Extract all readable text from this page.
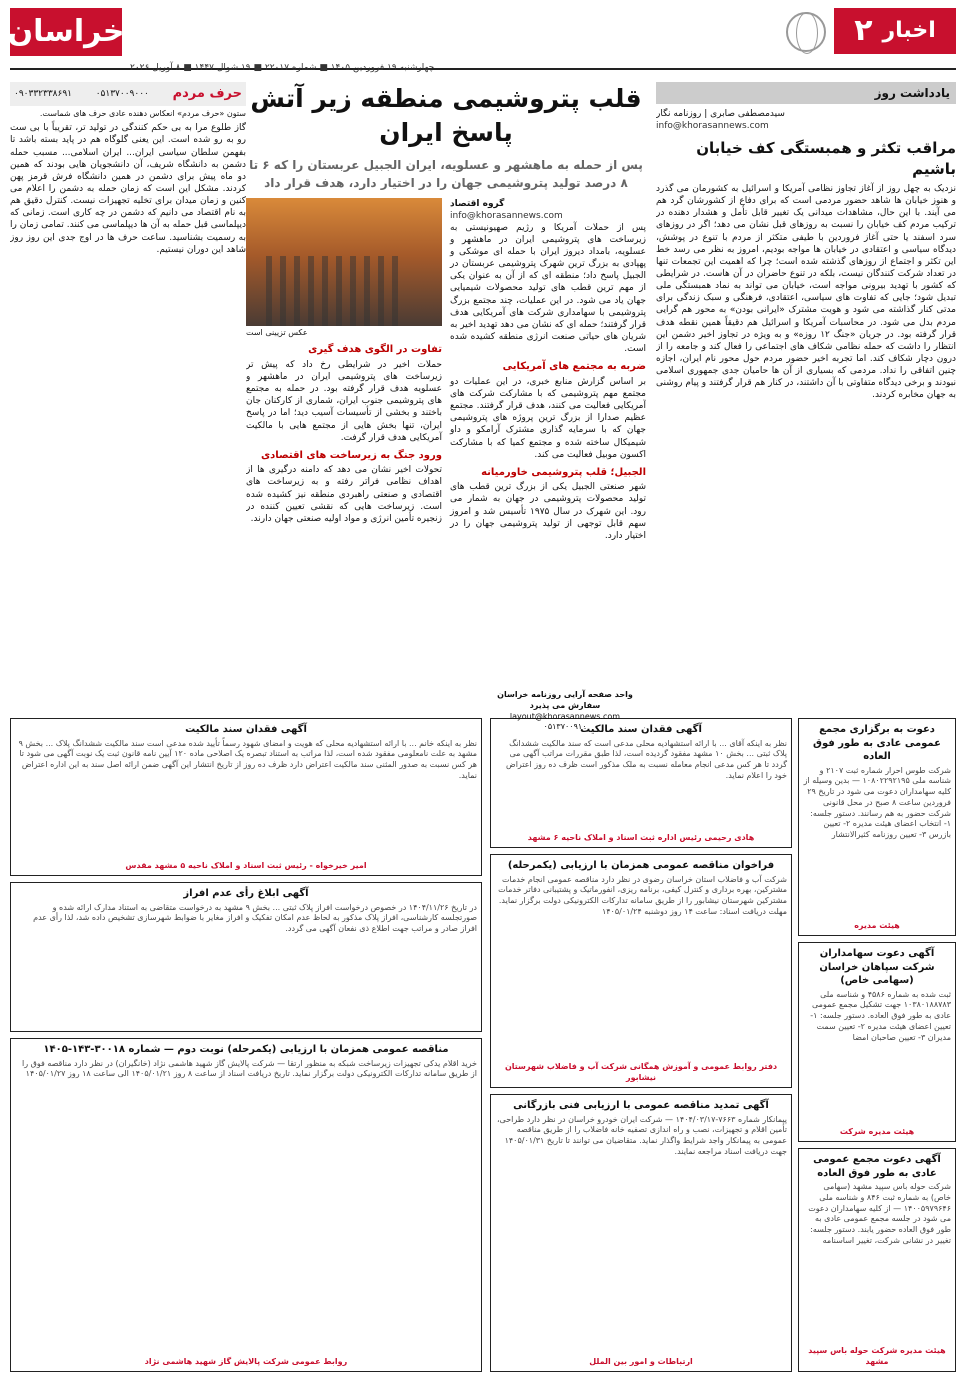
اخبار
۲
خراسان
چهارشنبه ۱۹ فروردین ۱۴۰۵ ■ شماره ۲۲۰۱۷ ■ ۱۹ شوال ۱۴۴۷ ■ ۸ آوریل ۲۰۲۶
یادداشت روز
سیدمصطفی صابری | روزنامه نگار
info@khorasannews.com
مراقب تکثر و همبستگی کف خیابان باشیم

نزدیک به چهل روز از آغاز تجاوز نظامی آمریکا و اسرائیل به کشورمان می گذرد و هنوز خیابان ها شاهد حضور مردمی است که برای دفاع از کشورشان گرد هم می آیند. با این حال، مشاهدات میدانی یک تغییر قابل تأمل و هشدار دهنده در ترکیب مردم کف خیابان را نسبت به روزهای قبل نشان می دهد؛ اگر در روزهای سرد اسفند یا حتی آغاز فروردین با طیفی متکثر از مردم با تنوع در پوشش، دیدگاه سیاسی و اعتقادی در خیابان ها مواجه بودیم، امروز به نظر می رسد خط این تکثر و اجتماع از روزهای گذشته شده است؛ چرا که اهمیت این تجمعات تنها در تعداد شرکت کنندگان نیست، بلکه در تنوع حاضران در آن هاست. در شرایطی که کشور با تهدید بیرونی مواجه است، خیابان می تواند به نماد همبستگی ملی تبدیل شود؛ جایی که تفاوت های سیاسی، اعتقادی، فرهنگی و سبک زندگی برای مدتی کنار گذاشته می شود و هویت مشترک «ایرانی بودن» به محور هم گرایی مردم بدل می شود. در محاسبات آمریکا و اسرائیل هم دقیقاً همین نقطه هدف قرار گرفته بود. در جریان «جنگ ۱۲ روزه» و به ویژه در تجاوز اخیر دشمن این انتظار را داشت که حمله نظامی شکاف های اجتماعی را فعال کند و جامعه را از درون دچار شکاف کند. اما تجربه اخیر حضور مردم حول محور نام ایران، اجازه چنین اتفاقی را نداد. مردمی که بسیاری از آن ها حامیان جدی جمهوری اسلامی نبودند و برخی دیدگاه متفاوتی با آن داشتند، در کنار هم قرار گرفتند و پیام روشنی به جهان مخابره کردند.

قلب پتروشیمی منطقه زیر آتش پاسخ ایران
پس از حمله به ماهشهر و عسلویه، ایران الجبیل عربستان را که ۶ تا ۸ درصد تولید پتروشیمی جهان را در اختیار دارد، هدف قرار داد
گروه اقتصاد
info@khorasannews.com

پس از حملات آمریکا و رژیم صهیونیستی به زیرساخت های پتروشیمی ایران در ماهشهر و عسلویه، بامداد دیروز ایران با حمله ای موشکی و پهپادی به بزرگ ترین شهرک پتروشیمی عربستان در الجبیل پاسخ داد؛ منطقه ای که از آن به عنوان یکی از مهم ترین قطب های تولید محصولات شیمیایی جهان یاد می شود. در این عملیات، چند مجتمع بزرگ پتروشیمی با سهامداری شرکت های آمریکایی هدف قرار گرفتند؛ حمله ای که نشان می دهد تهدید اخیر به شریان های حیاتی صنعت انرژی منطقه کشیده شده است.

ضربه به مجتمع های آمریکایی

بر اساس گزارش منابع خبری، در این عملیات دو مجتمع مهم پتروشیمی که با مشارکت شرکت های آمریکایی فعالیت می کنند، هدف قرار گرفتند. مجتمع عظیم صدارا از بزرگ ترین پروژه های پتروشیمی جهان که با سرمایه گذاری مشترک آرامکو و داو شیمیکال ساخته شده و مجتمع کمیا که با مشارکت اکسون موبیل فعالیت می کند.

الجبیل؛ قلب پتروشیمی خاورمیانه

شهر صنعتی الجبیل یکی از بزرگ ترین قطب های تولید محصولات پتروشیمی در جهان به شمار می رود. این شهرک در سال ۱۹۷۵ تأسیس شد و امروز سهم قابل توجهی از تولید پتروشیمی جهان را در اختیار دارد.

عکس تزیینی است
تفاوت در الگوی هدف گیری

حملات اخیر در شرایطی رخ داد که پیش تر زیرساخت های پتروشیمی ایران در ماهشهر و عسلویه هدف قرار گرفته بود. در حمله به مجتمع های پتروشیمی جنوب ایران، شماری از کارکنان جان باختند و بخشی از تأسیسات آسیب دید؛ اما در پاسخ ایران، تنها بخش هایی از مجتمع هایی با مالکیت آمریکایی هدف قرار گرفت.

ورود جنگ به زیرساخت های اقتصادی

تحولات اخیر نشان می دهد که دامنه درگیری ها از اهداف نظامی فراتر رفته و به زیرساخت های اقتصادی و صنعتی راهبردی منطقه نیز کشیده شده است. زیرساخت هایی که نقشی تعیین کننده در زنجیره تأمین انرژی و مواد اولیه صنعتی جهان دارند.

حرف مردم
۰۵۱۳۷۰۰۹۰۰۰
۰۹۰۳۳۲۳۳۸۶۹۱

ستون «حرف مردم» انعکاس دهنده عادی حرف های شماست.

گاز طلوع مرا به بی حکم کنندگی در تولید تر، تقریباً با بی ست رو به رو شده است. این یعنی گلوگاه هم در پاید بسته باشد تا بفهمن سلطان سیاسی ایران... ایران اسلامی... مسبب حمله دشمن به دانشگاه شریف، آن دانشجویان هایی بودند که همین دو ماه پیش برای دشمن در همین دانشگاه فرش قرمز پهن کردند. مشکل این است که زمان حمله به دشمن را اعلام می کنین و زمان میدان برای تخلیه تجهیزات نیست. کنترل دقیق هم به نام اقتصاد می دانیم که دشمن در چه کاری است. زمانی که دیپلماسی قبل حمله به آن ها دیپلماسی می کنند. تمامی زمان را به رسمیت بشناسید. ساعت حرف ها در اوج جدی این روز روز شاهد این دوران نیستیم.

دعوت به برگزاری مجمع عمومی عادی به طور فوق العاده

شرکت طوس احرار شماره ثبت ۲۱۰۷ و شناسه ملی ۱۰۸۰۲۲۹۲۱۹۵ — بدین وسیله از کلیه سهامداران دعوت می شود در تاریخ ۲۹ فروردین ساعت ۸ صبح در محل قانونی شرکت حضور به هم رسانند. دستور جلسه: ۱- انتخاب اعضای هیئت مدیره ۲- تعیین بازرس ۳- تعیین روزنامه کثیرالانتشار

هیئت مدیره
آگهی دعوت سهامداران شرکت سپاهان خراسان (سهامی خاص)

ثبت شده به شماره ۴۵۸۶ و شناسه ملی ۱۰۳۸۰۱۸۸۷۸۳ جهت تشکیل مجمع عمومی عادی به طور فوق العاده. دستور جلسه: ۱- تعیین اعضای هیئت مدیره ۲- تعیین سمت مدیران ۳- تعیین صاحبان امضا

هیئت مدیره شرکت
آگهی دعوت مجمع عمومی عادی به طور فوق العاده

شرکت حوله باس سپید مشهد (سهامی خاص) به شماره ثبت ۸۴۶ و شناسه ملی ۱۴۰۰۵۹۷۹۶۴۶ — از کلیه سهامداران دعوت می شود در جلسه مجمع عمومی عادی به طور فوق العاده حضور یابند. دستور جلسه: تغییر در نشانی شرکت، تغییر اساسنامه

هیئت مدیره شرکت حوله باس سپید مشهد
آگهی فقدان سند مالکیت

نظر به اینکه آقای ... با ارائه استشهادیه محلی مدعی است که سند مالکیت ششدانگ پلاک ثبتی ... بخش ۱۰ مشهد مفقود گردیده است، لذا طبق مقررات مراتب آگهی می گردد تا هر کس مدعی انجام معامله نسبت به ملک مذکور است ظرف ده روز اعتراض خود را اعلام نماید.

هادی رحیمی رئیس اداره ثبت اسناد و املاک ناحیه ۶ مشهد
فراخوان مناقصه عمومی همزمان با ارزیابی (یکمرحله)

شرکت آب و فاضلاب استان خراسان رضوی در نظر دارد مناقصه عمومی انجام خدمات مشترکین، بهره برداری و کنترل کیفی، برنامه ریزی، انفورماتیک و پشتیبانی دفاتر خدمات مشترکین شهرستان نیشابور را از طریق سامانه تدارکات الکترونیکی دولت برگزار نماید. مهلت دریافت اسناد: ساعت ۱۴ روز دوشنبه ۱۴۰۵/۰۱/۲۴

دفتر روابط عمومی و آموزش همگانی شرکت آب و فاضلاب شهرستان نیشابور
آگهی تمدید مناقصه عمومی با ارزیابی فنی بازرگانی

پیمانکار شماره ۷۶۶۳-۱۴۰۴/۰۳/۱۷ — شرکت ایران خودرو خراسان در نظر دارد طراحی، تأمین اقلام و تجهیزات، نصب و راه اندازی تصفیه خانه فاضلاب را از طریق مناقصه عمومی به پیمانکار واجد شرایط واگذار نماید. متقاضیان می توانند تا تاریخ ۱۴۰۵/۰۱/۳۱ جهت دریافت اسناد مراجعه نمایند.

ارتباطات و امور بین الملل
آگهی فقدان سند مالکیت

نظر به اینکه خانم ... با ارائه استشهادیه محلی که هویت و امضای شهود رسماً تأیید شده مدعی است سند مالکیت ششدانگ پلاک ... بخش ۹ مشهد به علت نامعلومی مفقود شده است، لذا مراتب به استناد تبصره یک اصلاحی ماده ۱۲۰ آیین نامه قانون ثبت یک نوبت آگهی می شود تا هر کس نسبت به صدور المثنی سند مالکیت اعتراض دارد ظرف ده روز از تاریخ انتشار این آگهی ضمن ارائه اصل سند به این اداره اعتراض نماید.

امیر خیرخواه - رئیس ثبت اسناد و املاک ناحیه ۵ مشهد مقدس
آگهی ابلاغ رأی عدم افراز

در تاریخ ۱۴۰۴/۱۱/۲۶ در خصوص درخواست افراز پلاک ثبتی ... بخش ۹ مشهد به درخواست متقاضی به استناد مدارک ارائه شده و صورتجلسه کارشناسی، افراز پلاک مذکور به لحاظ عدم امکان تفکیک و افراز مغایر با ضوابط شهرسازی تشخیص داده شد، لذا رأی عدم افراز صادر و مراتب جهت اطلاع ذی نفعان آگهی می گردد.

مناقصه عمومی همزمان با ارزیابی (یکمرحله) نوبت دوم — شماره ۳۰۰۱۸-۱۴۳-۱۴۰۵

خرید اقلام یدکی تجهیزات زیرساخت شبکه به منظور ارتقا — شرکت پالایش گاز شهید هاشمی نژاد (خانگیران) در نظر دارد مناقصه فوق را از طریق سامانه تدارکات الکترونیکی دولت برگزار نماید. تاریخ دریافت اسناد از ساعت ۸ روز ۱۴۰۵/۰۱/۲۱ الی ساعت ۱۸ روز ۱۴۰۵/۰۱/۲۷

روابط عمومی شرکت پالایش گاز شهید هاشمی نژاد
واحد صفحه آرایی روزنامه خراسان سفارش می پذیرد
layout@khorasannews.com ۰۵۱۳۷۰۰۹۱۰
